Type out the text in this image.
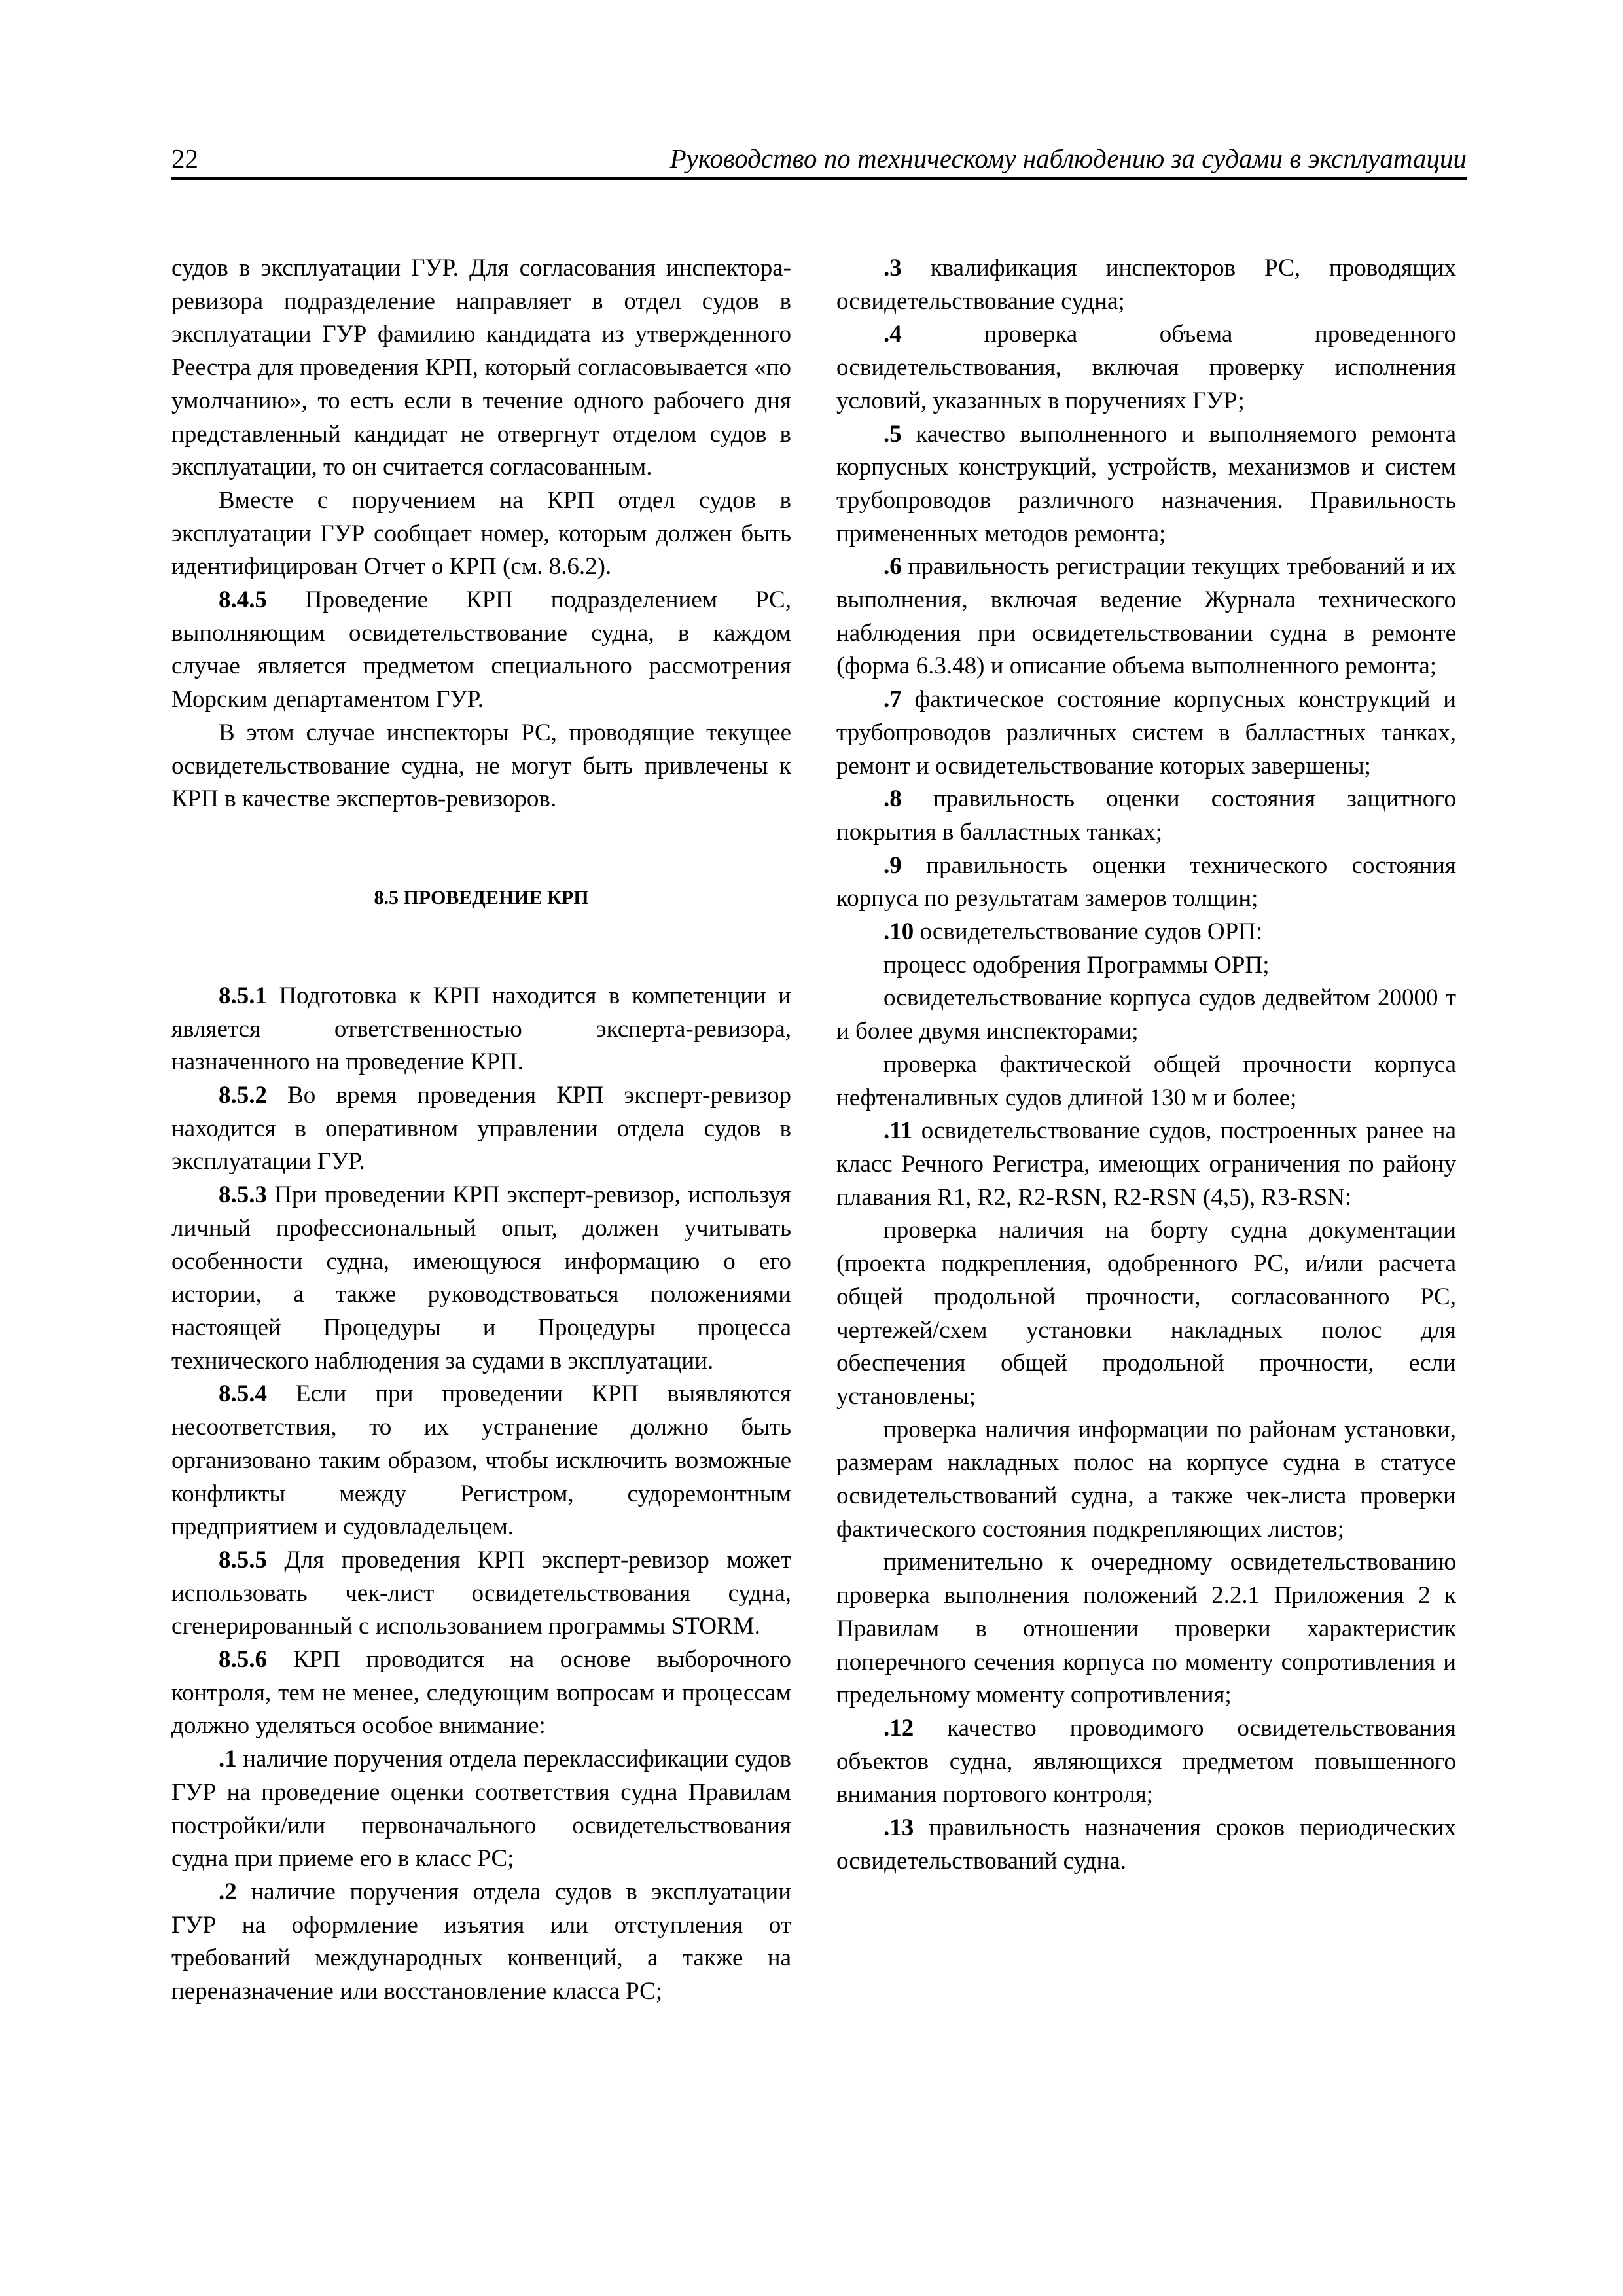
22	Руководство по техническому наблюдению за судами в эксплуатации

судов в эксплуатации ГУР. Для согласования инспектора-ревизора подразделение направляет в отдел судов в эксплуатации ГУР фамилию кандидата из утвержденного Реестра для проведения КРП, который согласовывается «по умолчанию», то есть если в течение одного рабочего дня представленный кандидат не отвергнут отделом судов в эксплуатации, то он считается согласованным.

Вместе с поручением на КРП отдел судов в эксплуатации ГУР сообщает номер, которым должен быть идентифицирован Отчет о КРП (см. 8.6.2).

8.4.5 Проведение КРП подразделением РС, выполняющим освидетельствование судна, в каждом случае является предметом специального рассмотрения Морским департаментом ГУР.

В этом случае инспекторы РС, проводящие текущее освидетельствование судна, не могут быть привлечены к КРП в качестве экспертов-ревизоров.

8.5 ПРОВЕДЕНИЕ КРП

8.5.1 Подготовка к КРП находится в компетенции и является ответственностью эксперта-ревизора, назначенного на проведение КРП.

8.5.2 Во время проведения КРП эксперт-ревизор находится в оперативном управлении отдела судов в эксплуатации ГУР.

8.5.3 При проведении КРП эксперт-ревизор, используя личный профессиональный опыт, должен учитывать особенности судна, имеющуюся информацию о его истории, а также руководствоваться положениями настоящей Процедуры и Процедуры процесса технического наблюдения за судами в эксплуатации.

8.5.4 Если при проведении КРП выявляются несоответствия, то их устранение должно быть организовано таким образом, чтобы исключить возможные конфликты между Регистром, судоремонтным предприятием и судовладельцем.

8.5.5 Для проведения КРП эксперт-ревизор может использовать чек-лист освидетельствования судна, сгенерированный с использованием программы STORM.

8.5.6 КРП проводится на основе выборочного контроля, тем не менее, следующим вопросам и процессам должно уделяться особое внимание:

.1 наличие поручения отдела переклассификации судов ГУР на проведение оценки соответствия судна Правилам постройки/или первоначального освидетельствования судна при приеме его в класс РС;

.2 наличие поручения отдела судов в эксплуатации ГУР на оформление изъятия или отступления от требований международных конвенций, а также на переназначение или восстановление класса РС;

.3 квалификация инспекторов РС, проводящих освидетельствование судна;

.4 проверка объема проведенного освидетельствования, включая проверку исполнения условий, указанных в поручениях ГУР;

.5 качество выполненного и выполняемого ремонта корпусных конструкций, устройств, механизмов и систем трубопроводов различного назначения. Правильность примененных методов ремонта;

.6 правильность регистрации текущих требований и их выполнения, включая ведение Журнала технического наблюдения при освидетельствовании судна в ремонте (форма 6.3.48) и описание объема выполненного ремонта;

.7 фактическое состояние корпусных конструкций и трубопроводов различных систем в балластных танках, ремонт и освидетельствование которых завершены;

.8 правильность оценки состояния защитного покрытия в балластных танках;

.9 правильность оценки технического состояния корпуса по результатам замеров толщин;

.10 освидетельствование судов ОРП:

процесс одобрения Программы ОРП;

освидетельствование корпуса судов дедвейтом 20000 т и более двумя инспекторами;

проверка фактической общей прочности корпуса нефтеналивных судов длиной 130 м и более;

.11 освидетельствование судов, построенных ранее на класс Речного Регистра, имеющих ограничения по району плавания R1, R2, R2-RSN, R2-RSN (4,5), R3-RSN:

проверка наличия на борту судна документации (проекта подкрепления, одобренного РС, и/или расчета общей продольной прочности, согласованного РС, чертежей/схем установки накладных полос для обеспечения общей продольной прочности, если установлены;

проверка наличия информации по районам установки, размерам накладных полос на корпусе судна в статусе освидетельствований судна, а также чек-листа проверки фактического состояния подкрепляющих листов;

применительно к очередному освидетельствованию проверка выполнения положений 2.2.1 Приложения 2 к Правилам в отношении проверки характеристик поперечного сечения корпуса по моменту сопротивления и предельному моменту сопротивления;

.12 качество проводимого освидетельствования объектов судна, являющихся предметом повышенного внимания портового контроля;

.13 правильность назначения сроков периодических освидетельствований судна.
